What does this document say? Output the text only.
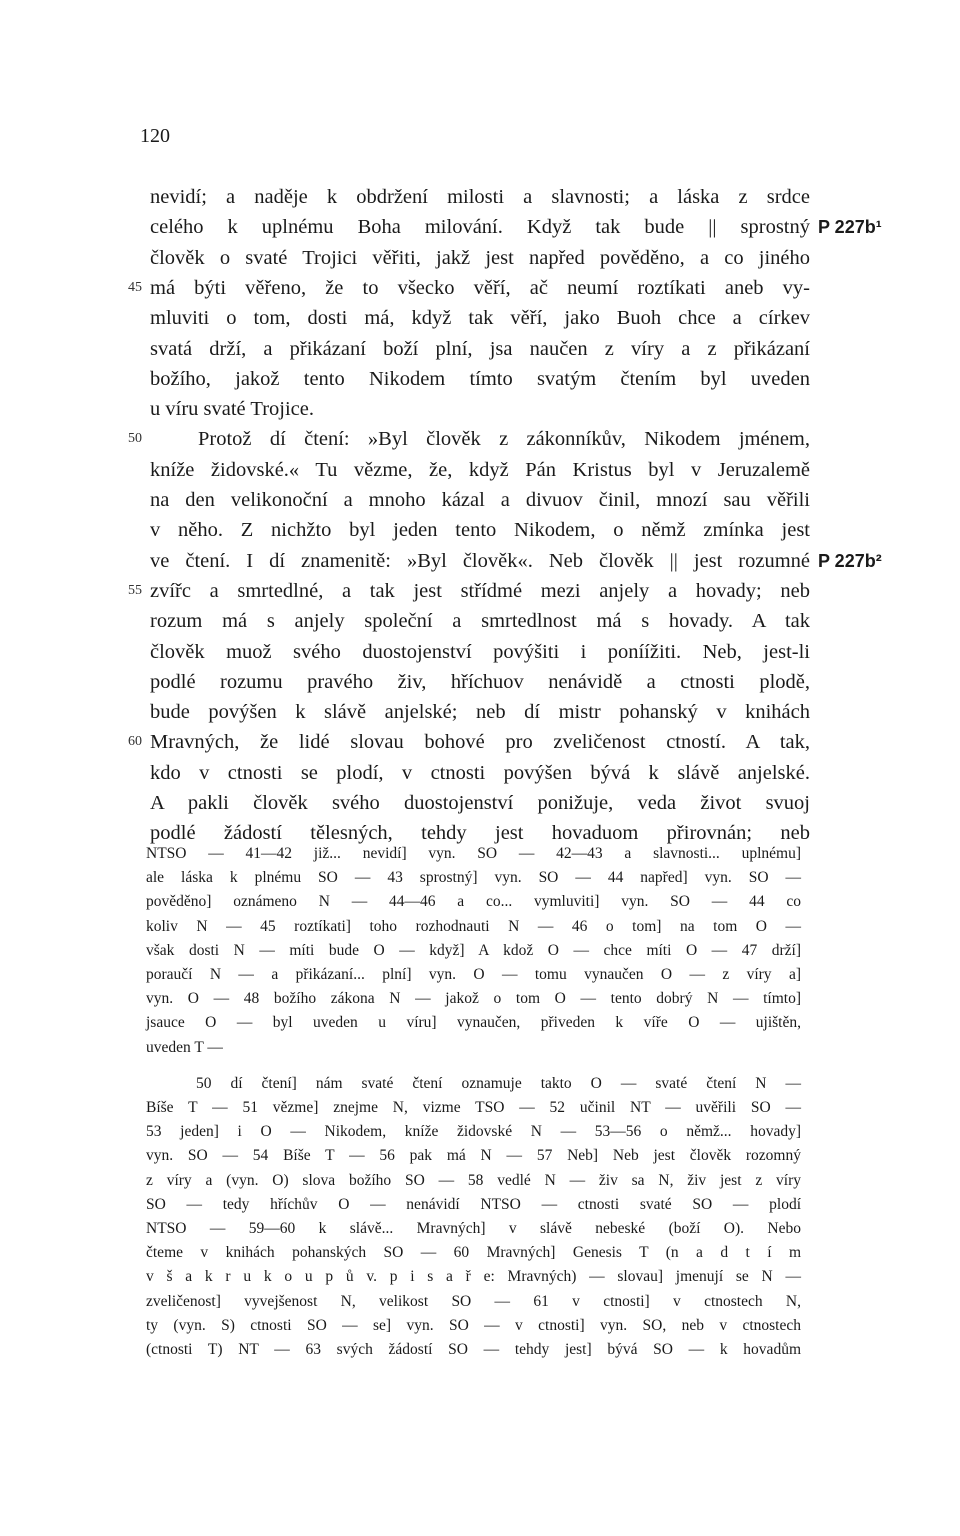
120
nevidí; a naděje k obdržení milosti a slavnosti; a láska z srdce
celého k uplnému Boha milování. Když tak bude || sprostný P 227b¹
člověk o svaté Trojici věřiti, jakž jest napřed pověděno, a co jiného
má býti věřeno, že to všecko věří, ač neumí roztíkati aneb vy-
45
mluviti o tom, dosti má, když tak věří, jako Buoh chce a církev
svatá drží, a přikázaní boží plní, jsa naučen z víry a z přikázaní
božího, jakož tento Nikodem tímto svatým čtením byl uveden
u víru svaté Trojice.
Protož dí čtení: »Byl člověk z zákonníkův, Nikodem jménem,
50
kníže židovské.« Tu vězme, že, když Pán Kristus byl v Jeruzalemě
na den velikonoční a mnoho kázal a divuov činil, mnozí sau věřili
v něho. Z nichžto byl jeden tento Nikodem, o němž zmínka jest
ve čtení. I dí znamenitě: »Byl člověk«. Neb člověk || jest rozumné P 227b²
zvířc a smrtedlné, a tak jest střídmé mezi anjely a hovady; neb
55
rozum má s anjely společní a smrtedlnost má s hovady. A tak
člověk muož svého duostojenství povýšiti i poníížiti. Neb, jest-li
podlé rozumu pravého živ, hříchuov nenávidě a ctnosti plodě,
bude povýšen k slávě anjelské; neb dí mistr pohanský v knihách
Mravných, že lidé slovau bohové pro zveličenost ctností. A tak,
60
kdo v ctnosti se plodí, v ctnosti povýšen bývá k slávě anjelské.
A pakli člověk svého duostojenství ponižuje, veda život svuoj
podlé žádostí tělesných, tehdy jest hovaduom přirovnán; neb
NTSO — 41—42 již... nevidí] vyn. SO — 42—43 a slavnosti... uplnému]
ale láska k plnému SO — 43 sprostný] vyn. SO — 44 napřed] vyn. SO —
pověděno] oznámeno N — 44—46 a co... vymluviti] vyn. SO — 44 co
koliv N — 45 roztíkati] toho rozhodnauti N — 46 o tom] na tom O —
však dosti N — míti bude O — když] A kdož O — chce míti O — 47 drží]
poraučí N — a přikázaní... plní] vyn. O — tomu vynaučen O — z víry a]
vyn. O — 48 božího zákona N — jakož o tom O — tento dobrý N — tímto]
jsauce O — byl uveden u víru] vynaučen, přiveden k víře O — ujištěn,
uveden T —
50 dí čtení] nám svaté čtení oznamuje takto O — svaté čtení N —
Bíše T — 51 vězme] znejme N, vizme TSO — 52 učinil NT — uvěřili SO —
53 jeden] i O — Nikodem, kníže židovské N — 53—56 o němž... hovady]
vyn. SO — 54 Bíše T — 56 pak má N — 57 Neb] Neb jest člověk rozomný
z víry a (vyn. O) slova božího SO — 58 vedlé N — živ sa N, živ jest z víry
SO — tedy hříchův O — nenávidí NTSO — ctnosti svaté SO — plodí
NTSO — 59—60 k slávě... Mravných] v slávě nebeské (boží O). Nebo
čteme v knihách pohanských SO — 60 Mravných] Genesis T (n a d t í m
v š a k r u k o u p ů v. p i s a ř e: Mravných) — slovau] jmenují se N —
zveličenost] vyvejšenost N, velikost SO — 61 v ctnosti] v ctnostech N,
ty (vyn. S) ctnosti SO — se] vyn. SO — v ctnosti] vyn. SO, neb v ctnostech
(ctnosti T) NT — 63 svých žádostí SO — tehdy jest] bývá SO — k hovadům
